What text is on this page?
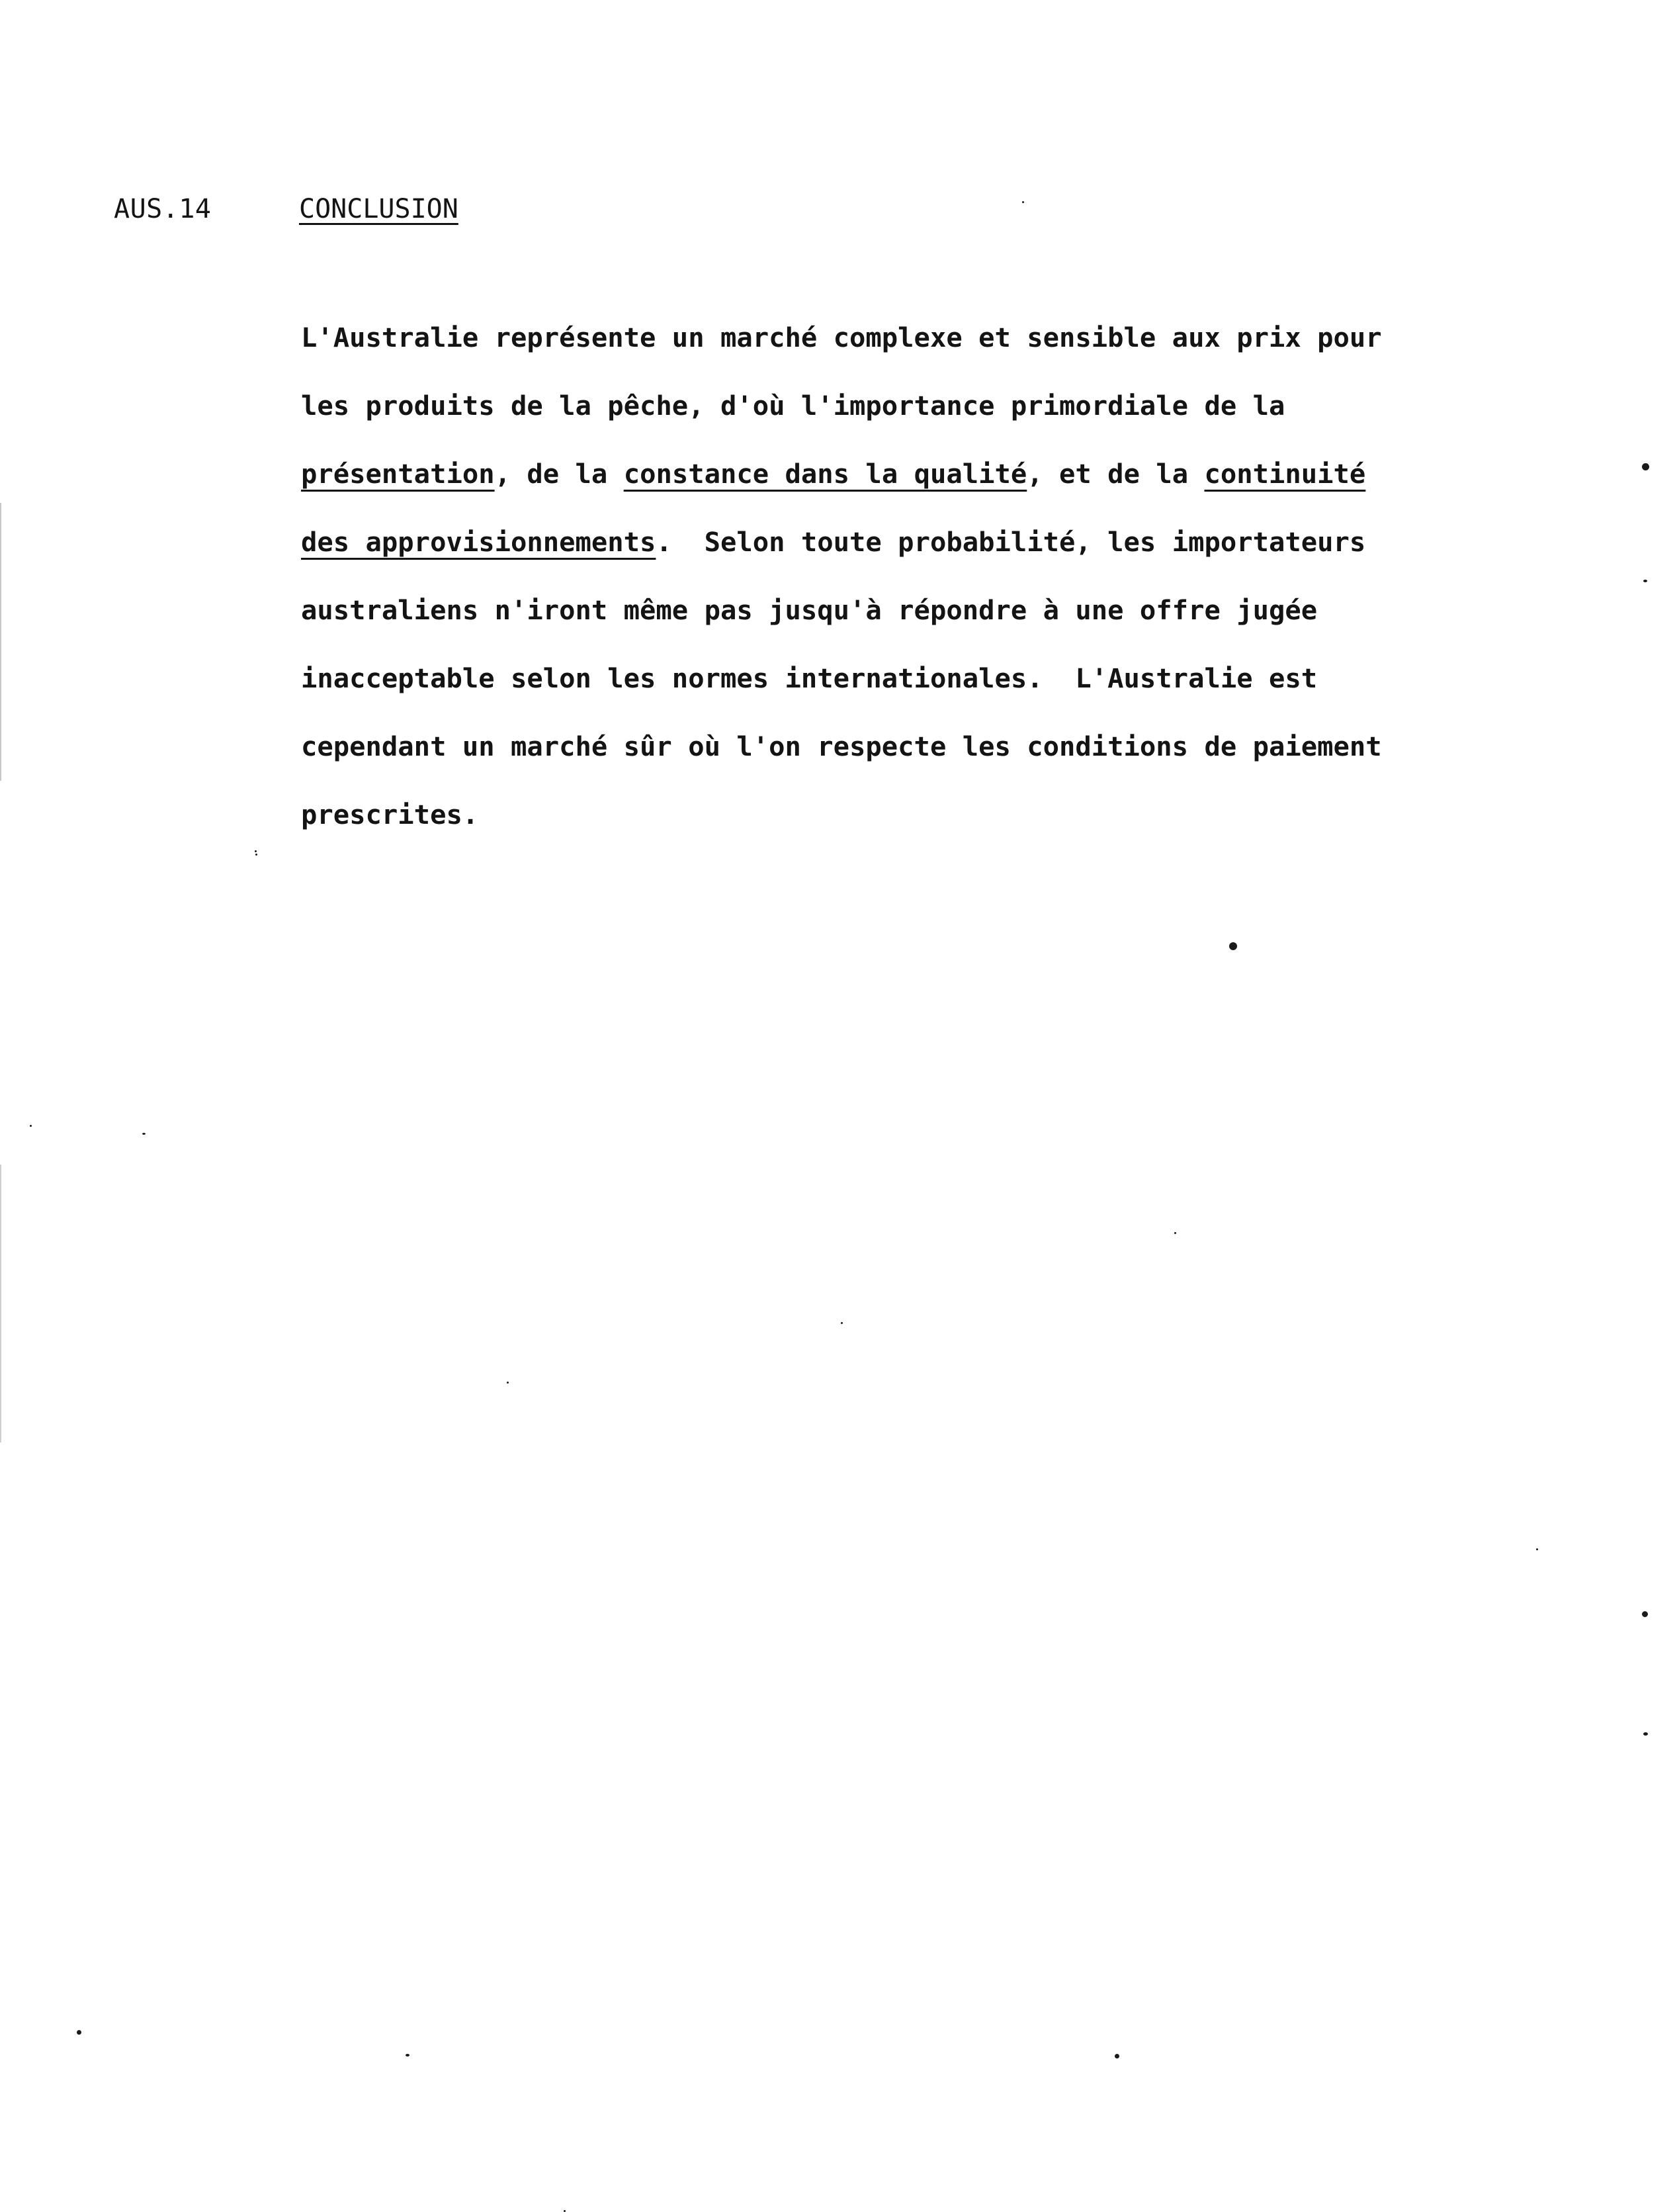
AUS.14	CONCLUSION
L'Australie représente un marché complexe et sensible aux prix pour
les produits de la pêche, d'où l'importance primordiale de la
présentation, de la constance dans la qualité, et de la continuité
des approvisionnements.  Selon toute probabilité, les importateurs
australiens n'iront même pas jusqu'à répondre à une offre jugée
inacceptable selon les normes internationales.  L'Australie est
cependant un marché sûr où l'on respecte les conditions de paiement
prescrites.
